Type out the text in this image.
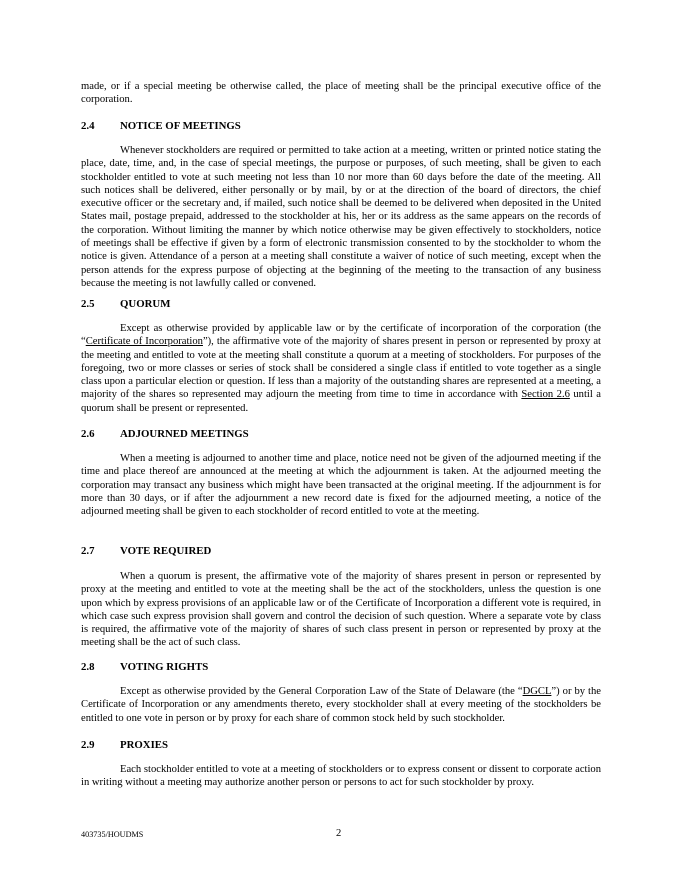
made, or if a special meeting be otherwise called, the place of meeting shall be the principal executive office of the corporation.

2.4 NOTICE OF MEETINGS

Whenever stockholders are required or permitted to take action at a meeting, written or printed notice stating the place, date, time, and, in the case of special meetings, the purpose or purposes, of such meeting, shall be given to each stockholder entitled to vote at such meeting not less than 10 nor more than 60 days before the date of the meeting. All such notices shall be delivered, either personally or by mail, by or at the direction of the board of directors, the chief executive officer or the secretary and, if mailed, such notice shall be deemed to be delivered when deposited in the United States mail, postage prepaid, addressed to the stockholder at his, her or its address as the same appears on the records of the corporation. Without limiting the manner by which notice otherwise may be given effectively to stockholders, notice of meetings shall be effective if given by a form of electronic transmission consented to by the stockholder to whom the notice is given. Attendance of a person at a meeting shall constitute a waiver of notice of such meeting, except when the person attends for the express purpose of objecting at the beginning of the meeting to the transaction of any business because the meeting is not lawfully called or convened.

2.5 QUORUM

Except as otherwise provided by applicable law or by the certificate of incorporation of the corporation (the “Certificate of Incorporation”), the affirmative vote of the majority of shares present in person or represented by proxy at the meeting and entitled to vote at the meeting shall constitute a quorum at a meeting of stockholders. For purposes of the foregoing, two or more classes or series of stock shall be considered a single class if entitled to vote together as a single class upon a particular election or question. If less than a majority of the outstanding shares are represented at a meeting, a majority of the shares so represented may adjourn the meeting from time to time in accordance with Section 2.6 until a quorum shall be present or represented.

2.6 ADJOURNED MEETINGS

When a meeting is adjourned to another time and place, notice need not be given of the adjourned meeting if the time and place thereof are announced at the meeting at which the adjournment is taken. At the adjourned meeting the corporation may transact any business which might have been transacted at the original meeting. If the adjournment is for more than 30 days, or if after the adjournment a new record date is fixed for the adjourned meeting, a notice of the adjourned meeting shall be given to each stockholder of record entitled to vote at the meeting.

2.7 VOTE REQUIRED

When a quorum is present, the affirmative vote of the majority of shares present in person or represented by proxy at the meeting and entitled to vote at the meeting shall be the act of the stockholders, unless the question is one upon which by express provisions of an applicable law or of the Certificate of Incorporation a different vote is required, in which case such express provision shall govern and control the decision of such question. Where a separate vote by class is required, the affirmative vote of the majority of shares of such class present in person or represented by proxy at the meeting shall be the act of such class.

2.8 VOTING RIGHTS

Except as otherwise provided by the General Corporation Law of the State of Delaware (the “DGCL”) or by the Certificate of Incorporation or any amendments thereto, every stockholder shall at every meeting of the stockholders be entitled to one vote in person or by proxy for each share of common stock held by such stockholder.

2.9 PROXIES

Each stockholder entitled to vote at a meeting of stockholders or to express consent or dissent to corporate action in writing without a meeting may authorize another person or persons to act for such stockholder by proxy.

403735/HOUDMS	2
